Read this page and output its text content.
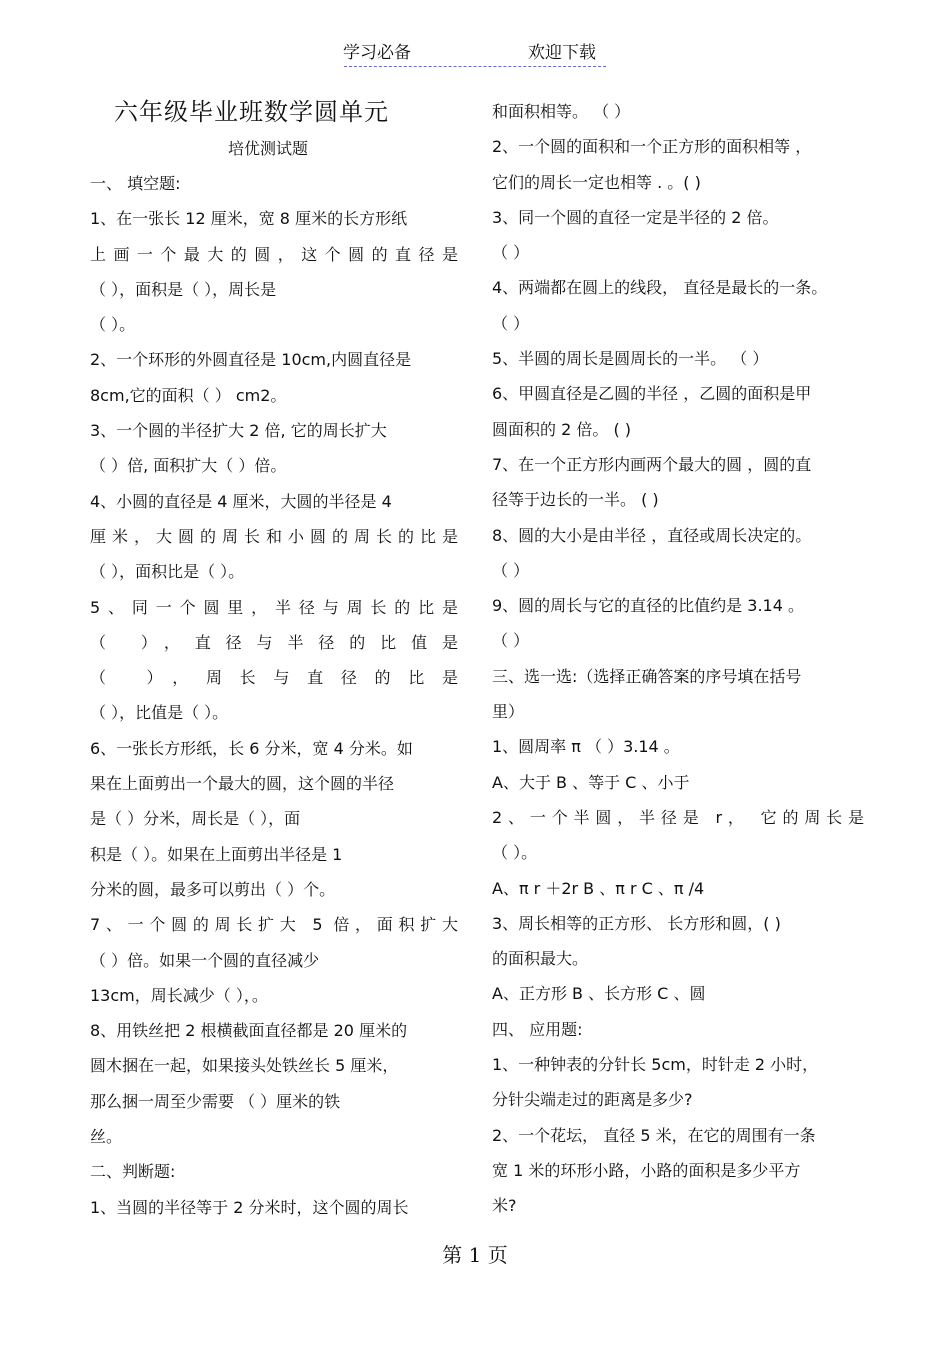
学习必备	欢迎下载
六年级毕业班数学圆单元
培优测试题
一、 填空题:
1、在一张长 12 厘米，宽 8 厘米的长方形纸
上画一个最大的圆，这个圆的直径是
（ ），面积是（ ），周长是
（ ）。
2、一个环形的外圆直径是 10cm,内圆直径是
8cm,它的面积（ ） cm2。
3、一个圆的半径扩大 2 倍, 它的周长扩大
（ ）倍, 面积扩大（ ）倍。
4、小圆的直径是 4 厘米，大圆的半径是 4
厘米，大圆的周长和小圆的周长的比是
（ ），面积比是（ ）。
5、同一个圆里，半径与周长的比是
（ ），直径与半径的比值是
（ ），周长与直径的比是
（ ），比值是（ ）。
6、一张长方形纸，长 6 分米，宽 4 分米。如
果在上面剪出一个最大的圆，这个圆的半径
是（ ）分米，周长是（ ），面
积是（ ）。如果在上面剪出半径是 1
分米的圆，最多可以剪出（ ）个。
7、一个圆的周长扩大 5 倍，面积扩大
（ ）倍。如果一个圆的直径减少
13cm，周长减少（ ），。
8、用铁丝把 2 根横截面直径都是 20 厘米的
圆木捆在一起，如果接头处铁丝长 5 厘米，
那么捆一周至少需要 （ ）厘米的铁
丝。
二、判断题:
1、当圆的半径等于 2 分米时，这个圆的周长
和面积相等。 （ ）
2、一个圆的面积和一个正方形的面积相等 ，
它们的周长一定也相等 . 。( )
3、同一个圆的直径一定是半径的 2 倍。
（ ）
4、两端都在圆上的线段， 直径是最长的一条。
（ ）
5、半圆的周长是圆周长的一半。 （ ）
6、甲圆直径是乙圆的半径 ，乙圆的面积是甲
圆面积的 2 倍。 ( )
7、在一个正方形内画两个最大的圆 ，圆的直
径等于边长的一半。 ( )
8、圆的大小是由半径 ，直径或周长决定的。
（ ）
9、圆的周长与它的直径的比值约是 3.14 。
（ ）
三、选一选:（选择正确答案的序号填在括号
里）
1、圆周率 π （ ）3.14 。
A、大于 B 、等于 C 、小于
2、一个半圆，半径是 r， 它的周长是
（ ）。
A、π r ＋2r B 、π r C 、π /4
3、周长相等的正方形、 长方形和圆，( )
的面积最大。
A、正方形 B 、长方形 C 、圆
四、 应用题:
1、一种钟表的分针长 5cm，时针走 2 小时，
分针尖端走过的距离是多少?
2、一个花坛， 直径 5 米，在它的周围有一条
宽 1 米的环形小路，小路的面积是多少平方
米?
第 1 页
